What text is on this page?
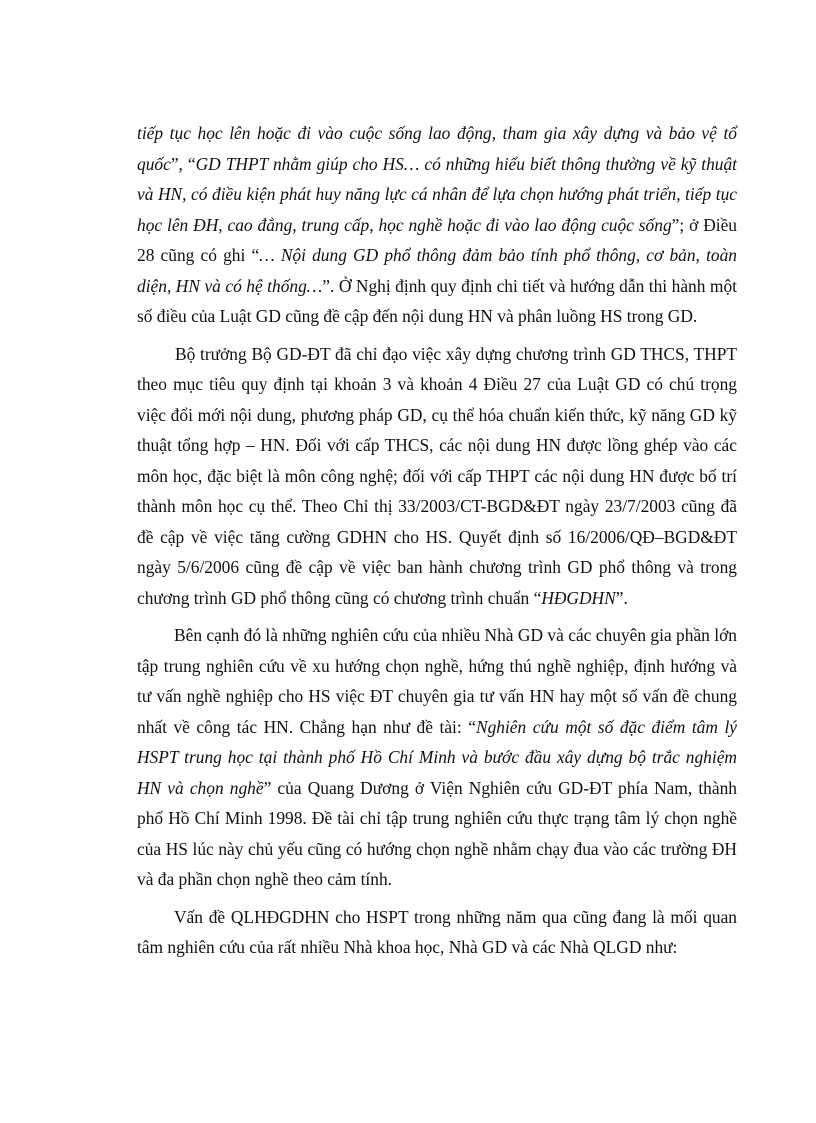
tiếp tục học lên hoặc đi vào cuộc sống lao động, tham gia xây dựng và bảo vệ tổ quốc”, “GD THPT nhằm giúp cho HS… có những hiểu biết thông thường về kỹ thuật và HN, có điều kiện phát huy năng lực cá nhân để lựa chọn hướng phát triển, tiếp tục học lên ĐH, cao đẳng, trung cấp, học nghề hoặc đi vào lao động cuộc sống”; ở Điều 28 cũng có ghi “… Nội dung GD phổ thông đảm bảo tính phổ thông, cơ bản, toàn diện, HN và có hệ thống…”. Ở Nghị định quy định chi tiết và hướng dẫn thi hành một số điều của Luật GD cũng đề cập đến nội dung HN và phân luồng HS trong GD.

Bộ trưởng Bộ GD-ĐT đã chỉ đạo việc xây dựng chương trình GD THCS, THPT theo mục tiêu quy định tại khoản 3 và khoản 4 Điều 27 của Luật GD có chú trọng việc đổi mới nội dung, phương pháp GD, cụ thể hóa chuẩn kiến thức, kỹ năng GD kỹ thuật tổng hợp – HN. Đối với cấp THCS, các nội dung HN được lồng ghép vào các môn học, đặc biệt là môn công nghệ; đối với cấp THPT các nội dung HN được bố trí thành môn học cụ thể. Theo Chỉ thị 33/2003/CT-BGD&ĐT ngày 23/7/2003 cũng đã đề cập về việc tăng cường GDHN cho HS. Quyết định số 16/2006/QĐ–BGD&ĐT ngày 5/6/2006 cũng đề cập về việc ban hành chương trình GD phổ thông và trong chương trình GD phổ thông cũng có chương trình chuẩn “HĐGDHN”.

Bên cạnh đó là những nghiên cứu của nhiều Nhà GD và các chuyên gia phần lớn tập trung nghiên cứu về xu hướng chọn nghề, hứng thú nghề nghiệp, định hướng và tư vấn nghề nghiệp cho HS việc ĐT chuyên gia tư vấn HN hay một số vấn đề chung nhất về công tác HN. Chẳng hạn như đề tài: “Nghiên cứu một số đặc điểm tâm lý HSPT trung học tại thành phố Hồ Chí Minh và bước đầu xây dựng bộ trắc nghiệm HN và chọn nghề” của Quang Dương ở Viện Nghiên cứu GD-ĐT phía Nam, thành phố Hồ Chí Minh 1998. Đề tài chỉ tập trung nghiên cứu thực trạng tâm lý chọn nghề của HS lúc này chủ yếu cũng có hướng chọn nghề nhằm chạy đua vào các trường ĐH và đa phần chọn nghề theo cảm tính.

Vấn đề QLHĐGDHN cho HSPT trong những năm qua cũng đang là mối quan tâm nghiên cứu của rất nhiều Nhà khoa học, Nhà GD và các Nhà QLGD như:
